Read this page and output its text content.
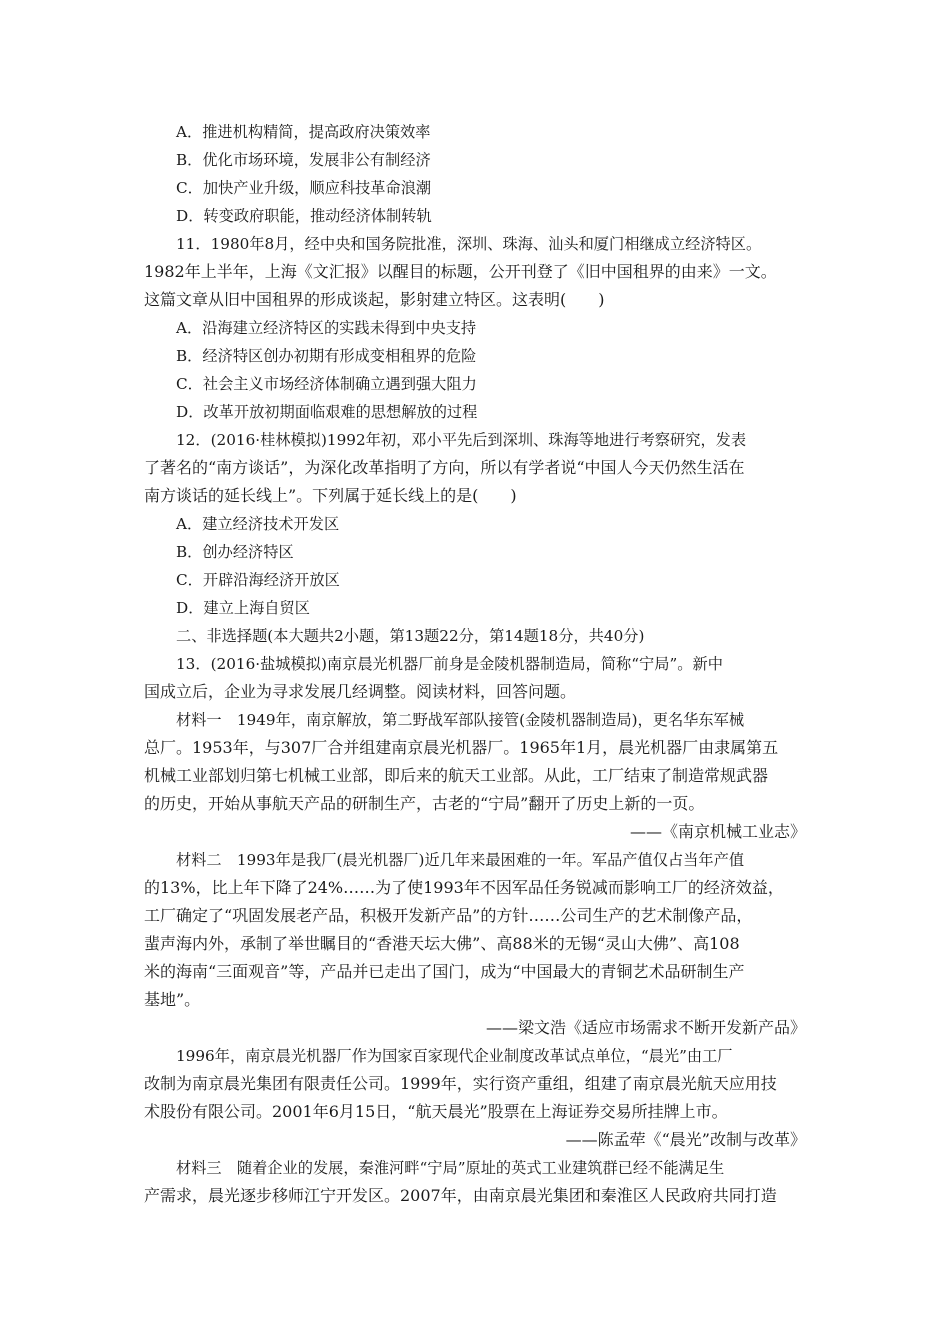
A．推进机构精简，提高政府决策效率
B．优化市场环境，发展非公有制经济
C．加快产业升级，顺应科技革命浪潮
D．转变政府职能，推动经济体制转轨
11．1980年8月，经中央和国务院批准，深圳、珠海、汕头和厦门相继成立经济特区。
1982年上半年，上海《文汇报》以醒目的标题，公开刊登了《旧中国租界的由来》一文。
这篇文章从旧中国租界的形成谈起，影射建立特区。这表明(　　)
A．沿海建立经济特区的实践未得到中央支持
B．经济特区创办初期有形成变相租界的危险
C．社会主义市场经济体制确立遇到强大阻力
D．改革开放初期面临艰难的思想解放的过程
12．(2016·桂林模拟)1992年初，邓小平先后到深圳、珠海等地进行考察研究，发表
了著名的“南方谈话”，为深化改革指明了方向，所以有学者说“中国人今天仍然生活在
南方谈话的延长线上”。下列属于延长线上的是(　　)
A．建立经济技术开发区
B．创办经济特区
C．开辟沿海经济开放区
D．建立上海自贸区
二、非选择题(本大题共2小题，第13题22分，第14题18分，共40分)
13．(2016·盐城模拟)南京晨光机器厂前身是金陵机器制造局，简称“宁局”。新中
国成立后，企业为寻求发展几经调整。阅读材料，回答问题。
材料一　1949年，南京解放，第二野战军部队接管(金陵机器制造局)，更名华东军械
总厂。1953年，与307厂合并组建南京晨光机器厂。1965年1月，晨光机器厂由隶属第五
机械工业部划归第七机械工业部，即后来的航天工业部。从此，工厂结束了制造常规武器
的历史，开始从事航天产品的研制生产，古老的“宁局”翻开了历史上新的一页。
——《南京机械工业志》
材料二　1993年是我厂(晨光机器厂)近几年来最困难的一年。军品产值仅占当年产值
的13%，比上年下降了24%……为了使1993年不因军品任务锐减而影响工厂的经济效益，
工厂确定了“巩固发展老产品，积极开发新产品”的方针……公司生产的艺术制像产品，
蜚声海内外，承制了举世瞩目的“香港天坛大佛”、高88米的无锡“灵山大佛”、高108
米的海南“三面观音”等，产品并已走出了国门，成为“中国最大的青铜艺术品研制生产
基地”。
——梁文浩《适应市场需求不断开发新产品》
1996年，南京晨光机器厂作为国家百家现代企业制度改革试点单位，“晨光”由工厂
改制为南京晨光集团有限责任公司。1999年，实行资产重组，组建了南京晨光航天应用技
术股份有限公司。2001年6月15日，“航天晨光”股票在上海证券交易所挂牌上市。
——陈孟荦《“晨光”改制与改革》
材料三　随着企业的发展，秦淮河畔“宁局”原址的英式工业建筑群已经不能满足生
产需求，晨光逐步移师江宁开发区。2007年，由南京晨光集团和秦淮区人民政府共同打造
